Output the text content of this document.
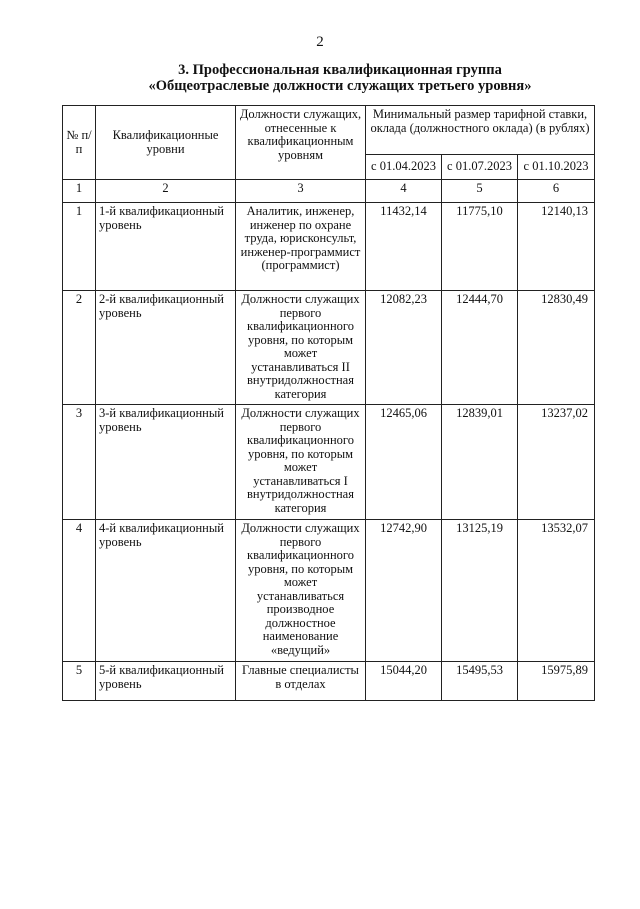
2
3. Профессиональная квалификационная группа
«Общеотраслевые должности служащих третьего уровня»
№ п/п	Квалификационные уровни	Должности служащих, отнесенные к квалификационным уровням	Минимальный размер тарифной ставки, оклада (должностного оклада) (в рублях)		
			с 01.04.2023	с 01.07.2023	с 01.10.2023
1	2	3	4	5	6
1	1-й квалификационный уровень	Аналитик, инженер, инженер по охране труда, юрисконсульт, инженер-программист (программист)	11432,14	11775,10	12140,13
2	2-й квалификационный уровень	Должности служащих первого квалификационного уровня, по которым может устанавливаться II внутридолжностная категория	12082,23	12444,70	12830,49
3	3-й квалификационный уровень	Должности служащих первого квалификационного уровня, по которым может устанавливаться I внутридолжностная категория	12465,06	12839,01	13237,02
4	4-й квалификационный уровень	Должности служащих первого квалификационного уровня, по которым может устанавливаться производное должностное наименование «ведущий»	12742,90	13125,19	13532,07
5	5-й квалификационный уровень	Главные специалисты в отделах	15044,20	15495,53	15975,89
